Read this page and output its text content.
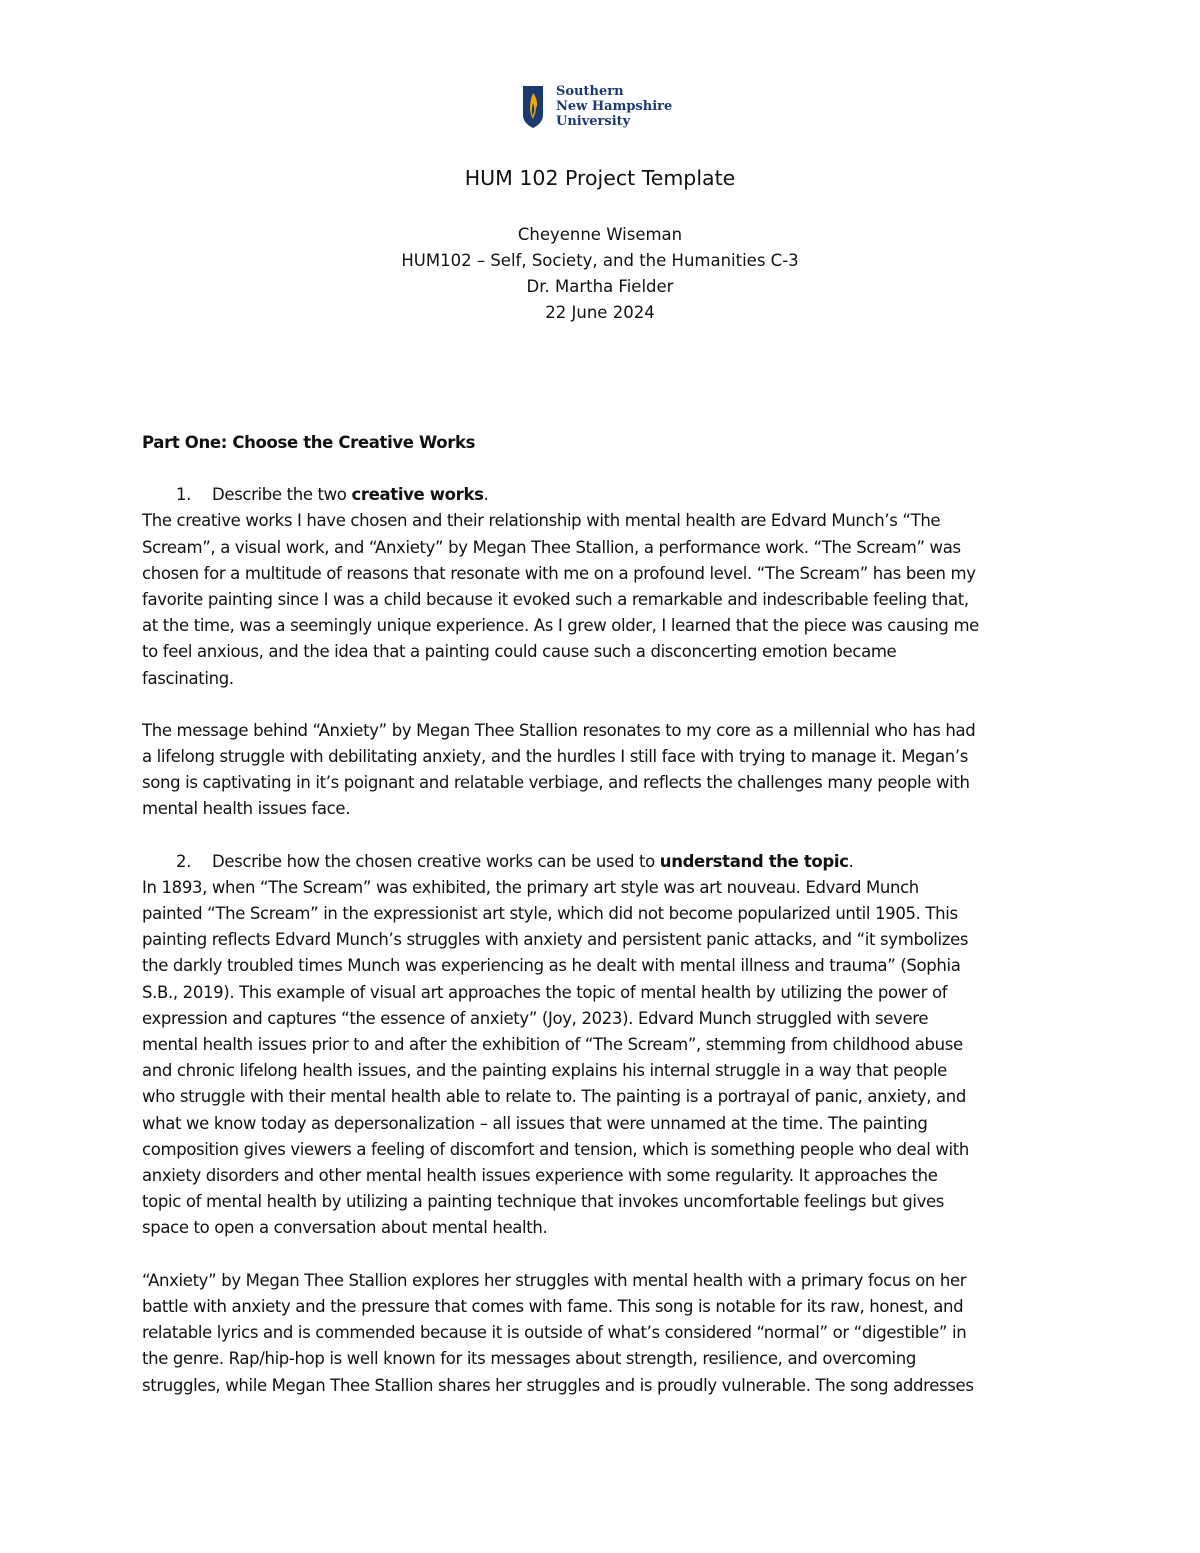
Southern
New Hampshire
University
HUM 102 Project Template
Cheyenne Wiseman
HUM102 – Self, Society, and the Humanities C-3
Dr. Martha Fielder
22 June 2024
Part One: Choose the Creative Works
1.	Describe the two creative works.
The creative works I have chosen and their relationship with mental health are Edvard Munch’s “The
Scream”, a visual work, and “Anxiety” by Megan Thee Stallion, a performance work. “The Scream” was
chosen for a multitude of reasons that resonate with me on a profound level. “The Scream” has been my
favorite painting since I was a child because it evoked such a remarkable and indescribable feeling that,
at the time, was a seemingly unique experience. As I grew older, I learned that the piece was causing me
to feel anxious, and the idea that a painting could cause such a disconcerting emotion became
fascinating.
The message behind “Anxiety” by Megan Thee Stallion resonates to my core as a millennial who has had
a lifelong struggle with debilitating anxiety, and the hurdles I still face with trying to manage it. Megan’s
song is captivating in it’s poignant and relatable verbiage, and reflects the challenges many people with
mental health issues face.
2.	Describe how the chosen creative works can be used to understand the topic.
In 1893, when “The Scream” was exhibited, the primary art style was art nouveau. Edvard Munch
painted “The Scream” in the expressionist art style, which did not become popularized until 1905. This
painting reflects Edvard Munch’s struggles with anxiety and persistent panic attacks, and “it symbolizes
the darkly troubled times Munch was experiencing as he dealt with mental illness and trauma” (Sophia
S.B., 2019). This example of visual art approaches the topic of mental health by utilizing the power of
expression and captures “the essence of anxiety” (Joy, 2023). Edvard Munch struggled with severe
mental health issues prior to and after the exhibition of “The Scream”, stemming from childhood abuse
and chronic lifelong health issues, and the painting explains his internal struggle in a way that people
who struggle with their mental health able to relate to. The painting is a portrayal of panic, anxiety, and
what we know today as depersonalization – all issues that were unnamed at the time. The painting
composition gives viewers a feeling of discomfort and tension, which is something people who deal with
anxiety disorders and other mental health issues experience with some regularity. It approaches the
topic of mental health by utilizing a painting technique that invokes uncomfortable feelings but gives
space to open a conversation about mental health.
“Anxiety” by Megan Thee Stallion explores her struggles with mental health with a primary focus on her
battle with anxiety and the pressure that comes with fame. This song is notable for its raw, honest, and
relatable lyrics and is commended because it is outside of what’s considered “normal” or “digestible” in
the genre. Rap/hip-hop is well known for its messages about strength, resilience, and overcoming
struggles, while Megan Thee Stallion shares her struggles and is proudly vulnerable. The song addresses
